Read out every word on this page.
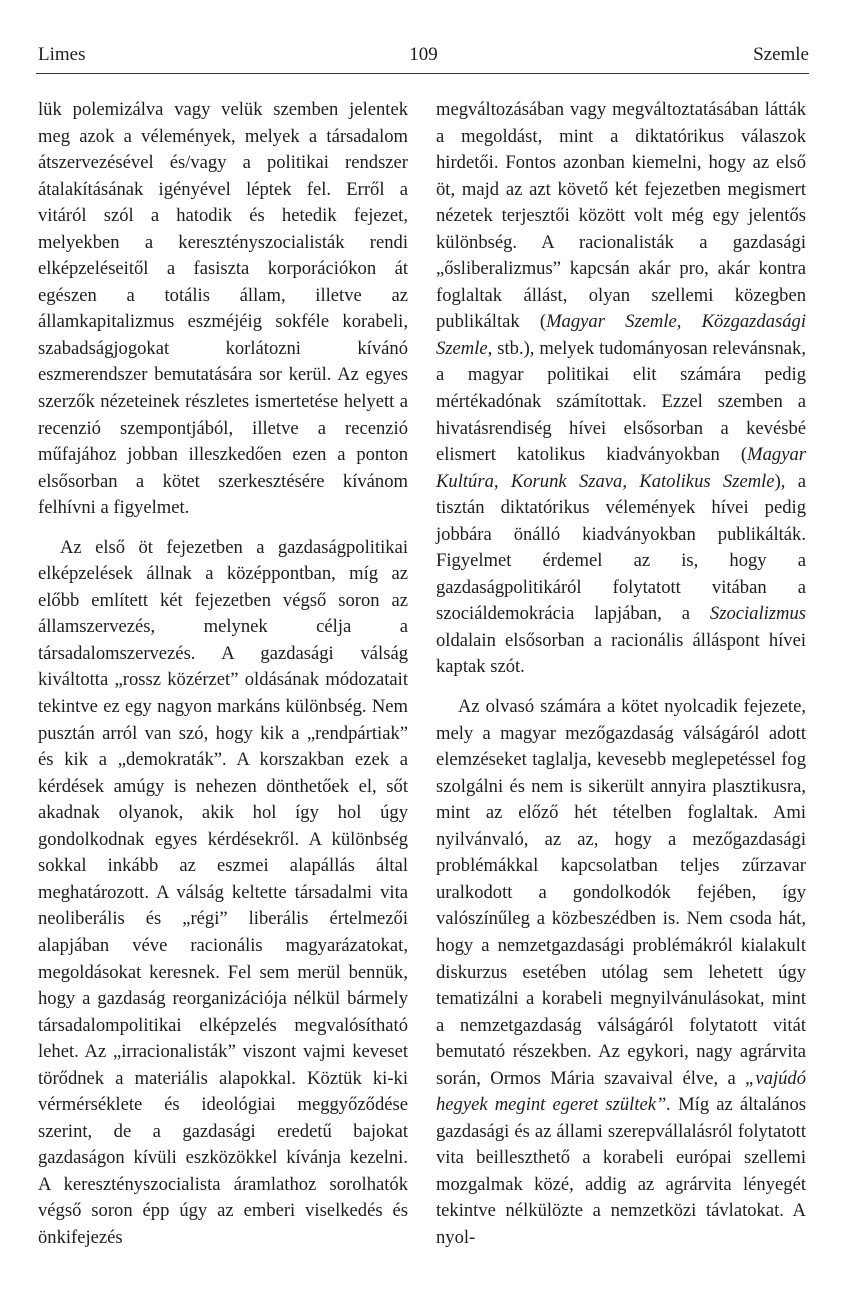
Limes	109	Szemle

lük polemizálva vagy velük szemben jelentek meg azok a vélemények, melyek a társadalom átszervezésével és/vagy a politikai rendszer átalakításának igényével léptek fel. Erről a vitáról szól a hatodik és hetedik fejezet, melyekben a keresztényszocialisták rendi elképzeléseitől a fasiszta korporációkon át egészen a totális állam, illetve az államkapitalizmus eszméjéig sokféle korabeli, szabadságjogokat korlátozni kívánó eszmerendszer bemutatására sor kerül. Az egyes szerzők nézeteinek részletes ismertetése helyett a recenzió szempontjából, illetve a recenzió műfajához jobban illeszkedően ezen a ponton elsősorban a kötet szerkesztésére kívánom felhívni a figyelmet.

Az első öt fejezetben a gazdaságpolitikai elképzelések állnak a középpontban, míg az előbb említett két fejezetben végső soron az államszervezés, melynek célja a társadalomszervezés. A gazdasági válság kiváltotta „rossz közérzet” oldásának módozatait tekintve ez egy nagyon markáns különbség. Nem pusztán arról van szó, hogy kik a „rendpártiak” és kik a „demokraták”. A korszakban ezek a kérdések amúgy is nehezen dönthetőek el, sőt akadnak olyanok, akik hol így hol úgy gondolkodnak egyes kérdésekről. A különbség sokkal inkább az eszmei alapállás által meghatározott. A válság keltette társadalmi vita neoliberális és „régi” liberális értelmezői alapjában véve racionális magyarázatokat, megoldásokat keresnek. Fel sem merül bennük, hogy a gazdaság reorganizációja nélkül bármely társadalompolitikai elképzelés megvalósítható lehet. Az „irracionalisták” viszont vajmi keveset törődnek a materiális alapokkal. Köztük ki-ki vérmérséklete és ideológiai meggyőződése szerint, de a gazdasági eredetű bajokat gazdaságon kívüli eszközökkel kívánja kezelni. A keresztényszocialista áramlathoz sorolhatók végső soron épp úgy az emberi viselkedés és önkifejezés

megváltozásában vagy megváltoztatásában látták a megoldást, mint a diktatórikus válaszok hirdetői. Fontos azonban kiemelni, hogy az első öt, majd az azt követő két fejezetben megismert nézetek terjesztői között volt még egy jelentős különbség. A racionalisták a gazdasági „ősliberalizmus” kapcsán akár pro, akár kontra foglaltak állást, olyan szellemi közegben publikáltak (Magyar Szemle, Közgazdasági Szemle, stb.), melyek tudományosan relevánsnak, a magyar politikai elit számára pedig mértékadónak számítottak. Ezzel szemben a hivatásrendiség hívei elsősorban a kevésbé elismert katolikus kiadványokban (Magyar Kultúra, Korunk Szava, Katolikus Szemle), a tisztán diktatórikus vélemények hívei pedig jobbára önálló kiadványokban publikálták. Figyelmet érdemel az is, hogy a gazdaságpolitikáról folytatott vitában a szociáldemokrácia lapjában, a Szocializmus oldalain elsősorban a racionális álláspont hívei kaptak szót.

Az olvasó számára a kötet nyolcadik fejezete, mely a magyar mezőgazdaság válságáról adott elemzéseket taglalja, kevesebb meglepetéssel fog szolgálni és nem is sikerült annyira plasztikusra, mint az előző hét tételben foglaltak. Ami nyilvánvaló, az az, hogy a mezőgazdasági problémákkal kapcsolatban teljes zűrzavar uralkodott a gondolkodók fejében, így valószínűleg a közbeszédben is. Nem csoda hát, hogy a nemzetgazdasági problémákról kialakult diskurzus esetében utólag sem lehetett úgy tematizálni a korabeli megnyilvánulásokat, mint a nemzetgazdaság válságáról folytatott vitát bemutató részekben. Az egykori, nagy agrárvita során, Ormos Mária szavaival élve, a „vajúdó hegyek megint egeret szültek”. Míg az általános gazdasági és az állami szerepvállalásról folytatott vita beilleszthető a korabeli európai szellemi mozgalmak közé, addig az agrárvita lényegét tekintve nélkülözte a nemzetközi távlatokat. A nyol-
